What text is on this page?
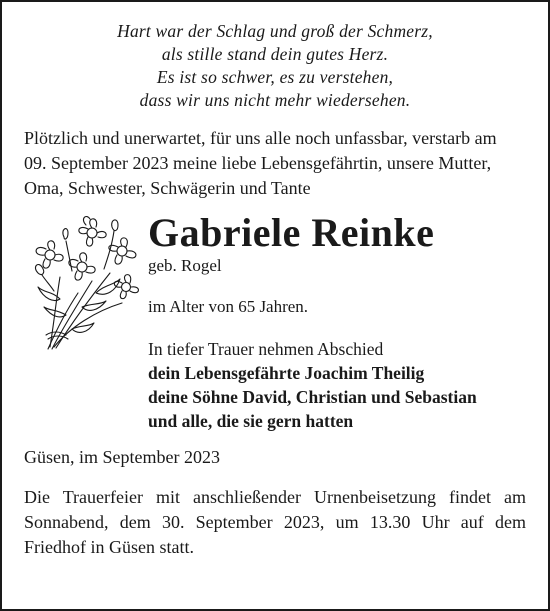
Hart war der Schlag und groß der Schmerz,
als stille stand dein gutes Herz.
Es ist so schwer, es zu verstehen,
dass wir uns nicht mehr wiedersehen.
Plötzlich und unerwartet, für uns alle noch unfassbar, verstarb am
09. September 2023 meine liebe Lebensgefährtin, unsere Mutter,
Oma, Schwester, Schwägerin und Tante
Gabriele Reinke
geb. Rogel
im Alter von 65 Jahren.
In tiefer Trauer nehmen Abschied
dein Lebensgefährte Joachim Theilig
deine Söhne David, Christian und Sebastian
und alle, die sie gern hatten
Güsen, im September 2023
Die Trauerfeier mit anschließender Urnenbeisetzung findet am
Sonnabend, dem 30. September 2023, um 13.30 Uhr auf dem
Friedhof in Güsen statt.
